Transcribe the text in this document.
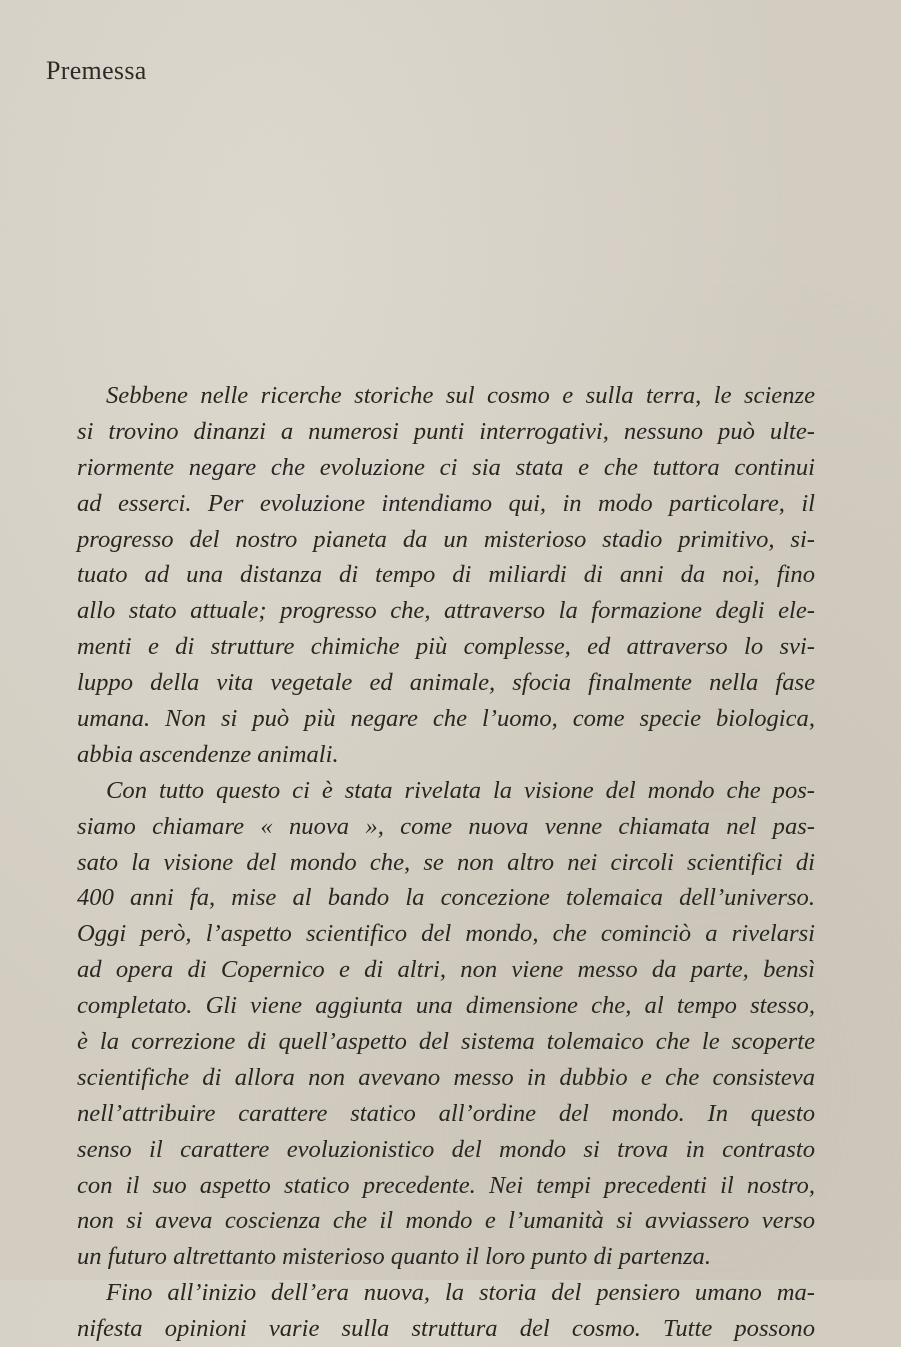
Premessa
Sebbene nelle ricerche storiche sul cosmo e sulla terra, le scienze
si trovino dinanzi a numerosi punti interrogativi, nessuno può ulte-
riormente negare che evoluzione ci sia stata e che tuttora continui
ad esserci. Per evoluzione intendiamo qui, in modo particolare, il
progresso del nostro pianeta da un misterioso stadio primitivo, si-
tuato ad una distanza di tempo di miliardi di anni da noi, fino
allo stato attuale; progresso che, attraverso la formazione degli ele-
menti e di strutture chimiche più complesse, ed attraverso lo svi-
luppo della vita vegetale ed animale, sfocia finalmente nella fase
umana. Non si può più negare che l’uomo, come specie biologica,
abbia ascendenze animali.
Con tutto questo ci è stata rivelata la visione del mondo che pos-
siamo chiamare « nuova », come nuova venne chiamata nel pas-
sato la visione del mondo che, se non altro nei circoli scientifici di
400 anni fa, mise al bando la concezione tolemaica dell’universo.
Oggi però, l’aspetto scientifico del mondo, che cominciò a rivelarsi
ad opera di Copernico e di altri, non viene messo da parte, bensì
completato. Gli viene aggiunta una dimensione che, al tempo stesso,
è la correzione di quell’aspetto del sistema tolemaico che le scoperte
scientifiche di allora non avevano messo in dubbio e che consisteva
nell’attribuire carattere statico all’ordine del mondo. In questo
senso il carattere evoluzionistico del mondo si trova in contrasto
con il suo aspetto statico precedente. Nei tempi precedenti il nostro,
non si aveva coscienza che il mondo e l’umanità si avviassero verso
un futuro altrettanto misterioso quanto il loro punto di partenza.
Fino all’inizio dell’era nuova, la storia del pensiero umano ma-
nifesta opinioni varie sulla struttura del cosmo. Tutte possono
